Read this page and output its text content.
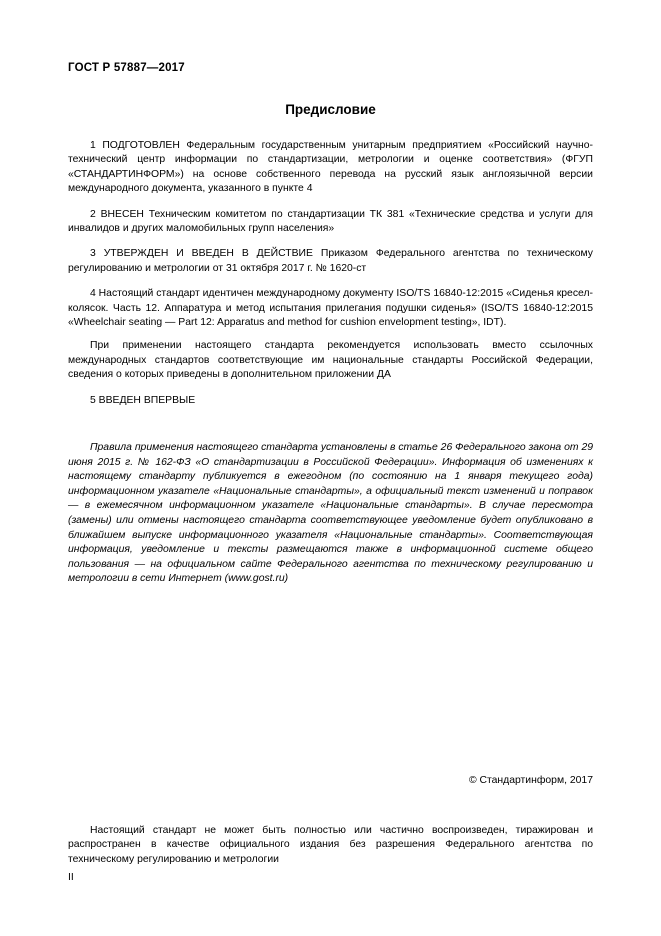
ГОСТ Р 57887—2017
Предисловие

1 ПОДГОТОВЛЕН Федеральным государственным унитарным предприятием «Российский научно-технический центр информации по стандартизации, метрологии и оценке соответствия» (ФГУП «СТАНДАРТИНФОРМ») на основе собственного перевода на русский язык англоязычной версии международного документа, указанного в пункте 4

2 ВНЕСЕН Техническим комитетом по стандартизации ТК 381 «Технические средства и услуги для инвалидов и других маломобильных групп населения»

3 УТВЕРЖДЕН И ВВЕДЕН В ДЕЙСТВИЕ Приказом Федерального агентства по техническому регулированию и метрологии от 31 октября 2017 г. № 1620-ст

4 Настоящий стандарт идентичен международному документу ISO/TS 16840-12:2015 «Сиденья кресел-колясок. Часть 12. Аппаратура и метод испытания прилегания подушки сиденья» (ISO/TS 16840-12:2015 «Wheelchair seating — Part 12: Apparatus and method for cushion envelopment testing», IDT).

При применении настоящего стандарта рекомендуется использовать вместо ссылочных международных стандартов соответствующие им национальные стандарты Российской Федерации, сведения о которых приведены в дополнительном приложении ДА

5 ВВЕДЕН ВПЕРВЫЕ

Правила применения настоящего стандарта установлены в статье 26 Федерального закона от 29 июня 2015 г. № 162-ФЗ «О стандартизации в Российской Федерации». Информация об изменениях к настоящему стандарту публикуется в ежегодном (по состоянию на 1 января текущего года) информационном указателе «Национальные стандарты», а официальный текст изменений и поправок — в ежемесячном информационном указателе «Национальные стандарты». В случае пересмотра (замены) или отмены настоящего стандарта соответствующее уведомление будет опубликовано в ближайшем выпуске информационного указателя «Национальные стандарты». Соответствующая информация, уведомление и тексты размещаются также в информационной системе общего пользования — на официальном сайте Федерального агентства по техническому регулированию и метрологии в сети Интернет (www.gost.ru)

© Стандартинформ, 2017
Настоящий стандарт не может быть полностью или частично воспроизведен, тиражирован и распространен в качестве официального издания без разрешения Федерального агентства по техническому регулированию и метрологии
II
